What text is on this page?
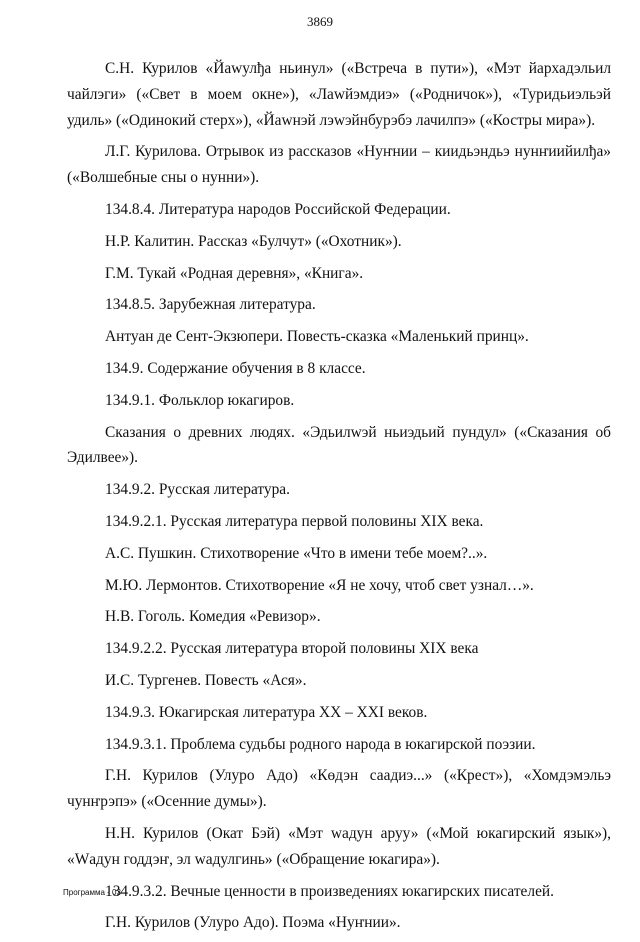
3869

С.Н. Курилов «Йawулђa ньинул» («Встреча в пути»), «Мэт йархадэльил чайлэги» («Свет в моем окне»), «Лawйэмдиэ» («Родничок»), «Туридьиэльэй удиль» («Одинокий стерх»), «Йawнэй лэwэйнбурэбэ лачилпэ» («Костры мира»).

Л.Г. Курилова. Отрывок из рассказов «Нуҥнии – киидьэндьэ нунҥиийилђа» («Волшебные сны о нунни»).

134.8.4. Литература народов Российской Федерации.

Н.Р. Калитин. Рассказ «Булчут» («Охотник»).

Г.М. Тукай «Родная деревня», «Книга».

134.8.5. Зарубежная литература.

Антуан де Сент-Экзюпери. Повесть-сказка «Маленький принц».

134.9. Содержание обучения в 8 классе.

134.9.1. Фольклор юкагиров.

Сказания о древних людях. «Эдьилwэй ньиэдьий пундул» («Сказания об Эдилвее»).

134.9.2. Русская литература.

134.9.2.1. Русская литература первой половины XIX века.

А.С. Пушкин. Стихотворение «Что в имени тебе моем?..».

М.Ю. Лермонтов. Стихотворение «Я не хочу, чтоб свет узнал…».

Н.В. Гоголь. Комедия «Ревизор».

134.9.2.2. Русская литература второй половины XIX века

И.С. Тургенев. Повесть «Ася».

134.9.3. Юкагирская литература XX – XXI веков.

134.9.3.1. Проблема судьбы родного народа в юкагирской поэзии.

Г.Н. Курилов (Улуро Адо) «Көдэн саадиэ...» («Крест»), «Хомдэмэльэ чунҥрэпэ» («Осенние думы»).

Н.Н. Курилов (Окат Бэй) «Мэт wадун аруу» («Мой юкагирский язык»), «Wадун годдэҥ, эл wадулгинь» («Обращение юкагира»).

134.9.3.2. Вечные ценности в произведениях юкагирских писателей.

Г.Н. Курилов (Улуро Адо). Поэма «Нуҥнии».

Программа - 03
